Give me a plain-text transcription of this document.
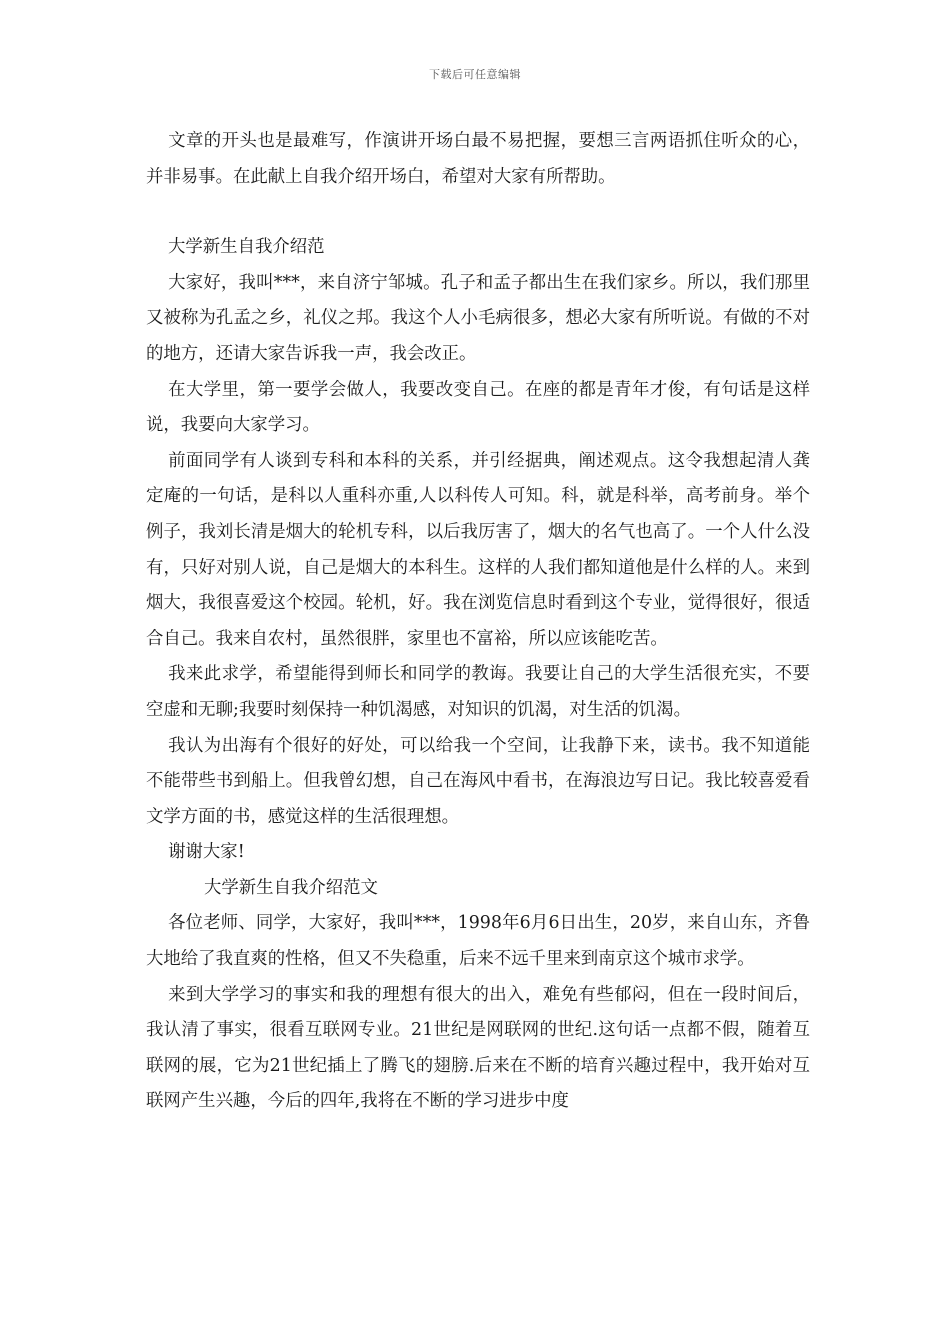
下载后可任意编辑

文章的开头也是最难写，作演讲开场白最不易把握，要想三言两语抓住听众的心，并非易事。在此献上自我介绍开场白，希望对大家有所帮助。

大学新生自我介绍范

大家好，我叫***，来自济宁邹城。孔子和孟子都出生在我们家乡。所以，我们那里又被称为孔孟之乡，礼仪之邦。我这个人小毛病很多，想必大家有所听说。有做的不对的地方，还请大家告诉我一声，我会改正。

在大学里，第一要学会做人，我要改变自己。在座的都是青年才俊，有句话是这样说，我要向大家学习。

前面同学有人谈到专科和本科的关系，并引经据典，阐述观点。这令我想起清人龚定庵的一句话，是科以人重科亦重,人以科传人可知。科，就是科举，高考前身。举个例子，我刘长清是烟大的轮机专科，以后我厉害了，烟大的名气也高了。一个人什么没有，只好对别人说，自己是烟大的本科生。这样的人我们都知道他是什么样的人。来到烟大，我很喜爱这个校园。轮机，好。我在浏览信息时看到这个专业，觉得很好，很适合自己。我来自农村，虽然很胖，家里也不富裕，所以应该能吃苦。

我来此求学，希望能得到师长和同学的教诲。我要让自己的大学生活很充实，不要空虚和无聊;我要时刻保持一种饥渴感，对知识的饥渴，对生活的饥渴。

我认为出海有个很好的好处，可以给我一个空间，让我静下来，读书。我不知道能不能带些书到船上。但我曾幻想，自己在海风中看书，在海浪边写日记。我比较喜爱看文学方面的书，感觉这样的生活很理想。

谢谢大家!

大学新生自我介绍范文

各位老师、同学，大家好，我叫***，1998年6月6日出生，20岁，来自山东，齐鲁大地给了我直爽的性格，但又不失稳重，后来不远千里来到南京这个城市求学。

来到大学学习的事实和我的理想有很大的出入，难免有些郁闷，但在一段时间后，我认清了事实，很看互联网专业。21世纪是网联网的世纪.这句话一点都不假，随着互联网的展，它为21世纪插上了腾飞的翅膀.后来在不断的培育兴趣过程中，我开始对互联网产生兴趣，今后的四年,我将在不断的学习进步中度
